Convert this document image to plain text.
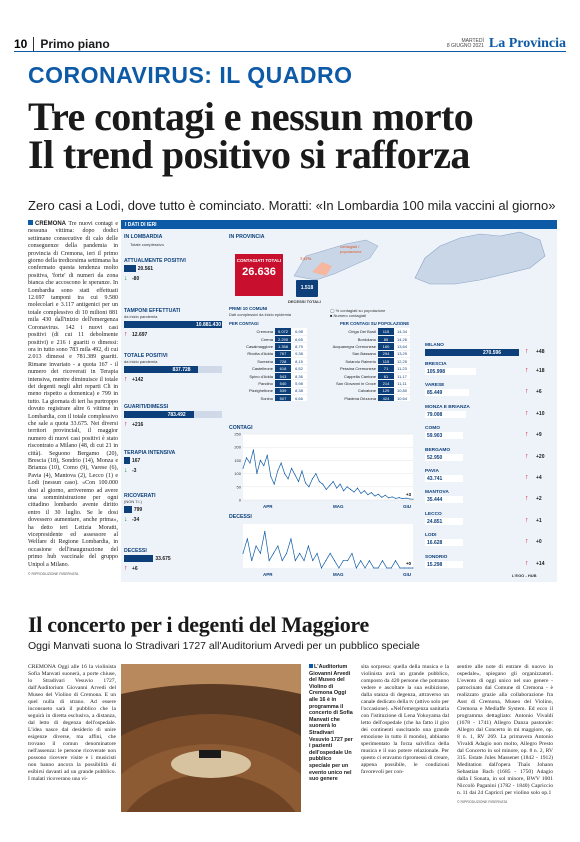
10	Primo piano	MARTEDÌ
8 GIUGNO 2021 La Provincia
CORONAVIRUS: IL QUADRO
Tre contagi e nessun morto
Il trend positivo si rafforza
Zero casi a Lodi, dove tutto è cominciato. Moratti: «In Lombardia 100 mila vaccini al giorno»
CREMONA Tre nuovi contagi e nessuna vittima: dopo dodici settimane consecutive di calo delle conseguenze della pandemia in provincia di Cremona, ieri il primo giorno della tredicesima settimana ha confermato questa tendenza molto positiva, 'forte' di numeri da zona bianca che accoscono le speranze. In Lombardia sono stati effettuati 12.697 tamponi tra cui 9.580 molecolari e 3.117 antigenici per un totale complessivo di 10 milioni 881 mila 430 dall'inizio dell'emergenza Coronavirus. 142 i nuovi casi positivi (di cui 11 debolmente positivi) e 216 i guariti o dimessi: ora in tutto sono 783 mila 492, di cui 2.013 dimessi e 781.389 guariti. Rimane invariato - a quota 167 - il numero dei ricoverati in Terapia intensiva, mentre diminuisce il totale dei degenti negli altri reparti Cli in meno rispetto a domenica) e 799 in tutto. La giornata di ieri ha purtroppo dovuto registrare altre 6 vittime in Lombardia, con il totale complessivo che sale a quota 33.675. Nei diversi territori provinciali, il maggior numero di nuovi casi positivi è stato riscontrato a Milano (48, di cui 21 in città). Seguono Bergamo (20), Brescia (18), Sondrio (14), Monza e Brianza (10), Como (9), Varese (6), Pavia (4), Mantova (2), Lecco (1) e Lodi (nessun caso). «Con 100.000 dosi al giorno, arriveremo ad avere una somministrazione per ogni cittadino lombardo avente diritto entro il 30 luglio. Se le dosi dovessero aumentare, anche prima», ha detto ieri Letizia Moratti, vicepresidente ed assessore al Welfare di Regione Lombardia, in occasione dell'inaugurazione del primo hub vaccinale del gruppo Unipol a Milano.
© RIPRODUZIONE RISERVATA
I DATI DI IERI
IN LOMBARDIA
Totale complessivo
ATTUALMENTE POSITIVI
20.561
↓ -80
TAMPONI EFFETTUATI
da inizio pandemia
10.881.430
↑ 12.697
TOTALE POSITIVI
da inizio pandemia
837.728
↑ +142
GUARITI/DIMESSI
783.492
↑ +216
TERAPIA INTENSIVA
167
↓ -3
RICOVERATI
(NON T.I.)
799
↓ -34
DECESSI
33.675
↑ +6
IN PROVINCIA
CONTAGIATI TOTALI
26.636
7,67%
contagiati / popolazione
1.518
DECESSI TOTALI
PRIMI 10 COMUNI
Dati complessivi da inizio epidemia
◯ % contagiati su popolazione
■ Numero contagiati
PER CONTAGI	PER CONTAGI SU POPOLAZIONE
Cremona	5.072	6,98
Crema	2.295	6,65
Casalmaggiore	1.358	8,79
Rivolta d'Adda	767	9,38
Soresina	728	8,15
Castelleone	618	6,52
Spino d'Adda	543	8,36
Pandino	540	5,98
Pizzighettone	539	8,38
Sonino	507	6,66
Ciriga Dei Busti	115	14,34
Bordolano	85	14,26
Acquanegra Cremonese	160	13,64
San Bassano	294	13,29
Solarolo Rainerio	115	12,25
Pessina Cremonese	71	11,23
Cappella Cantone	61	11,17
San Giovanni in Croce	214	11,11
Calvatone	129	10,80
Piadena Drizzona	424	10,64
CONTAGI
0
50
100
150
200
250
+3
APR	MAG	GIU
DECESSI
+0
APR	MAG	GIU
MILANO
270.596	↑ +48
BRESCIA
105.998	↑ +18
VARESE
85.449	↑ +6
MONZA E BRIANZA
79.008	↑ +10
COMO
59.903	↑ +9
BERGAMO
52.950	↑ +20
PAVIA
43.741	↑ +4
MANTOVA
35.444	↑ +2
LECCO
24.851	↑ +1
LODI
16.628	↑ +0
SONDRIO
15.298	↑ +14
L'EGO - HUB
Il concerto per i degenti del Maggiore
Oggi Manvati suona lo Stradivari 1727 all'Auditorium Arvedi per un pubblico speciale
CREMONA Oggi alle 16 la violinista Sofia Manvati suonerà, a porte chiuse, lo Stradivari Vesuvio 1727, dall'Auditorium Giovanni Arvedi del Museo del Violino di Cremona. E un quel nulla di strano. Ad essere inconsueto sarà il pubblico che la seguirà in diretta esclusiva, a distanza, dal letto di degenza dell'ospedale. L'idea nasce dal desiderio di unire esigenze diverse, ma affini, che trovano il comun denominatore nell'assenza: le persone ricoverate non possono ricevere visite e i musicisti non hanno ancora la possibilità di esibirsi davanti ad un grande pubblico. I malati ricoverano una vi-
L'Auditorium Giovanni Arvedi del Museo del Violino di Cremona Oggi alle 16 è in programma il concerto di Sofia Manvati che suonerà lo Stradivari Vesuvio 1727 per i pazienti dell'ospedale Un pubblico speciale per un evento unico nel suo genere
sita sorpresa: quella della musica e la violinista avrà un grande pubblico, composto da 420 persone che potranno vedere e ascoltare la sua esibizione, dalla stanza di degenza, attraverso un canale dedicato della tv (attivo solo per l'occasione). «Nell'emergenza sanitaria con l'istituzione di Lena Yokoyama dal letto dell'ospedale (che ha fatto il giro dei continenti suscitando una grande emozione in tutto il mondo), abbiamo sperimentato la forza salvifica della musica e il suo potere relazionale. Per questo ci eravamo ripromessi di creare, appena possibile, le condizioni favorevoli per con-
sentire alle note di entrare di nuovo in ospedale», spiegano gli organizzatori. L'evento di oggi unico nel suo genere - patrocinato dal Comune di Cremona - è realizzato grazie alla collaborazione fra Asst di Cremona, Museo del Violino, Cremona e Mediaffe System. Ed ecco il programma dettagliato: Antonio Vivaldi (1678 - 1741) Allegro Danza pastorale: Allegro dal Concerto in mi maggiore, op. 8 n. 1, RV 269. La primavera Antonio Vivaldi Adagio non molto, Allegro Presto dal Concerto in sol minore, op. 8 n. 2, RV 315. Estate Jules Massenet (1842 - 1912) Meditation dall'opera Thaïs Johann Sebastian Bach (1685 - 1750) Adagio dalla I Sonata, in sol minore, BWV 1001 Niccolò Paganini (1782 - 1840) Capriccio n. 11 dai 24 Capricci per violino solo op.1
© RIPRODUZIONE RISERVATA
